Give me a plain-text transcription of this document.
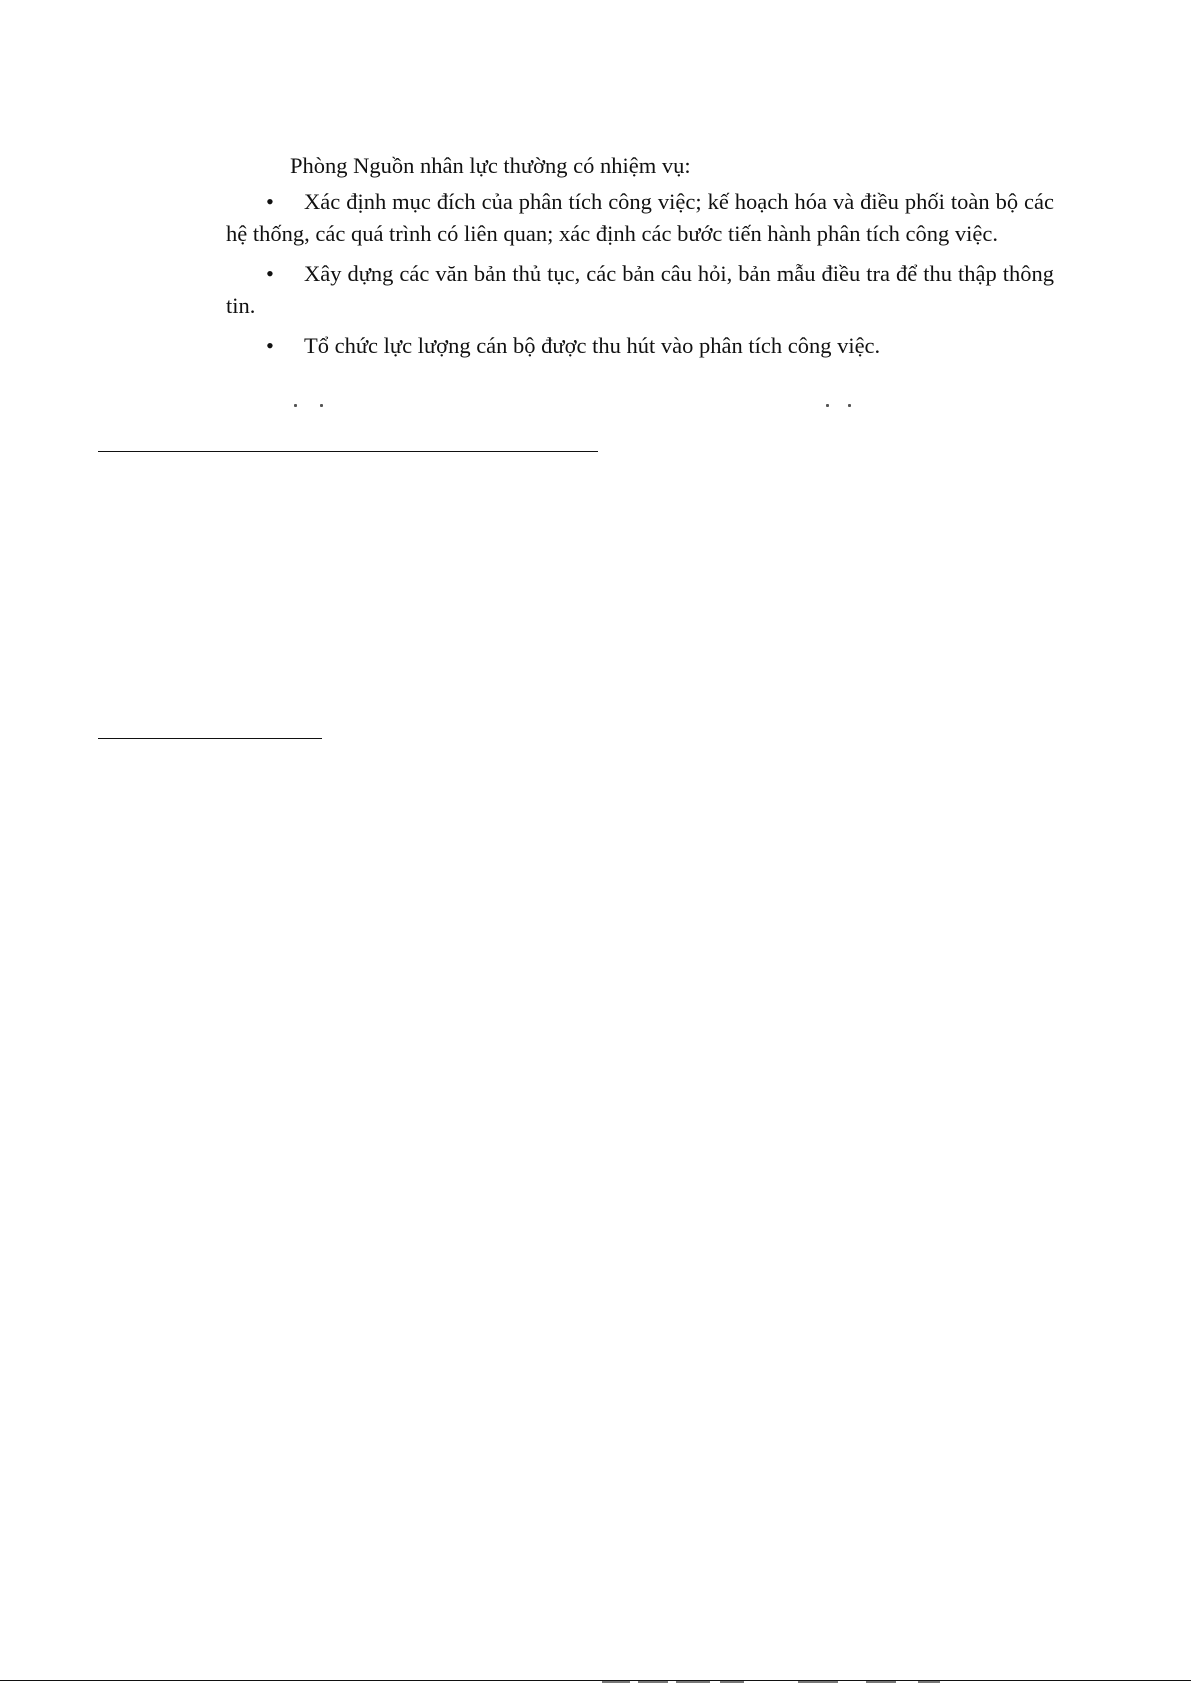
Phòng Nguồn nhân lực thường có nhiệm vụ:

• Xác định mục đích của phân tích công việc; kế hoạch hóa và điều phối toàn bộ các hệ thống, các quá trình có liên quan; xác định các bước tiến hành phân tích công việc.

• Xây dựng các văn bản thủ tục, các bản câu hỏi, bản mẫu điều tra để thu thập thông tin.

• Tổ chức lực lượng cán bộ được thu hút vào phân tích công việc.
